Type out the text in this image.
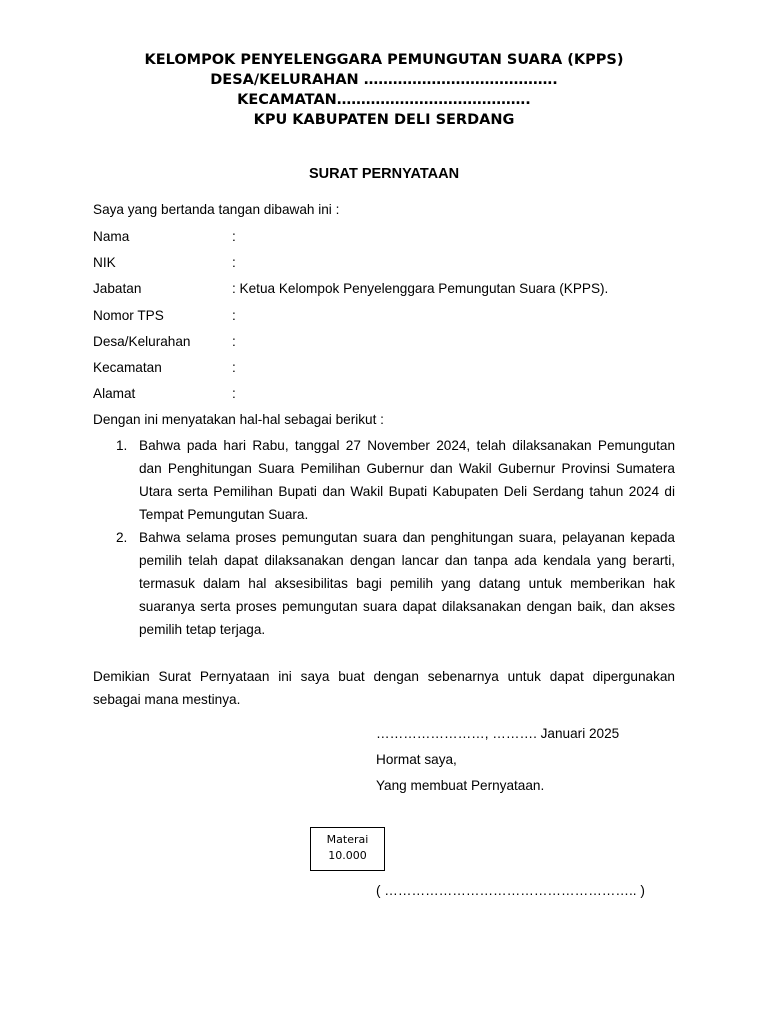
KELOMPOK PENYELENGGARA PEMUNGUTAN SUARA (KPPS)
DESA/KELURAHAN ………………………………….
KECAMATAN………………………………….
KPU KABUPATEN DELI SERDANG
SURAT PERNYATAAN
Saya yang bertanda tangan dibawah ini :
Nama	:
NIK	:
Jabatan	: Ketua Kelompok Penyelenggara Pemungutan Suara (KPPS).
Nomor TPS	:
Desa/Kelurahan	:
Kecamatan	:
Alamat	:
Dengan ini menyatakan hal-hal sebagai berikut :
1. Bahwa pada hari Rabu, tanggal 27 November 2024, telah dilaksanakan Pemungutan dan Penghitungan Suara Pemilihan Gubernur dan Wakil Gubernur Provinsi Sumatera Utara serta Pemilihan Bupati dan Wakil Bupati Kabupaten Deli Serdang tahun 2024 di Tempat Pemungutan Suara.
2. Bahwa selama proses pemungutan suara dan penghitungan suara, pelayanan kepada pemilih telah dapat dilaksanakan dengan lancar dan tanpa ada kendala yang berarti, termasuk dalam hal aksesibilitas bagi pemilih yang datang untuk memberikan hak suaranya serta proses pemungutan suara dapat dilaksanakan dengan baik, dan akses pemilih tetap terjaga.
Demikian Surat Pernyataan ini saya buat dengan sebenarnya untuk dapat dipergunakan sebagai mana mestinya.
……………………, ………. Januari 2025
Hormat saya,
Yang membuat Pernyataan.
Materai
10.000
( ……………………………………………….. )
